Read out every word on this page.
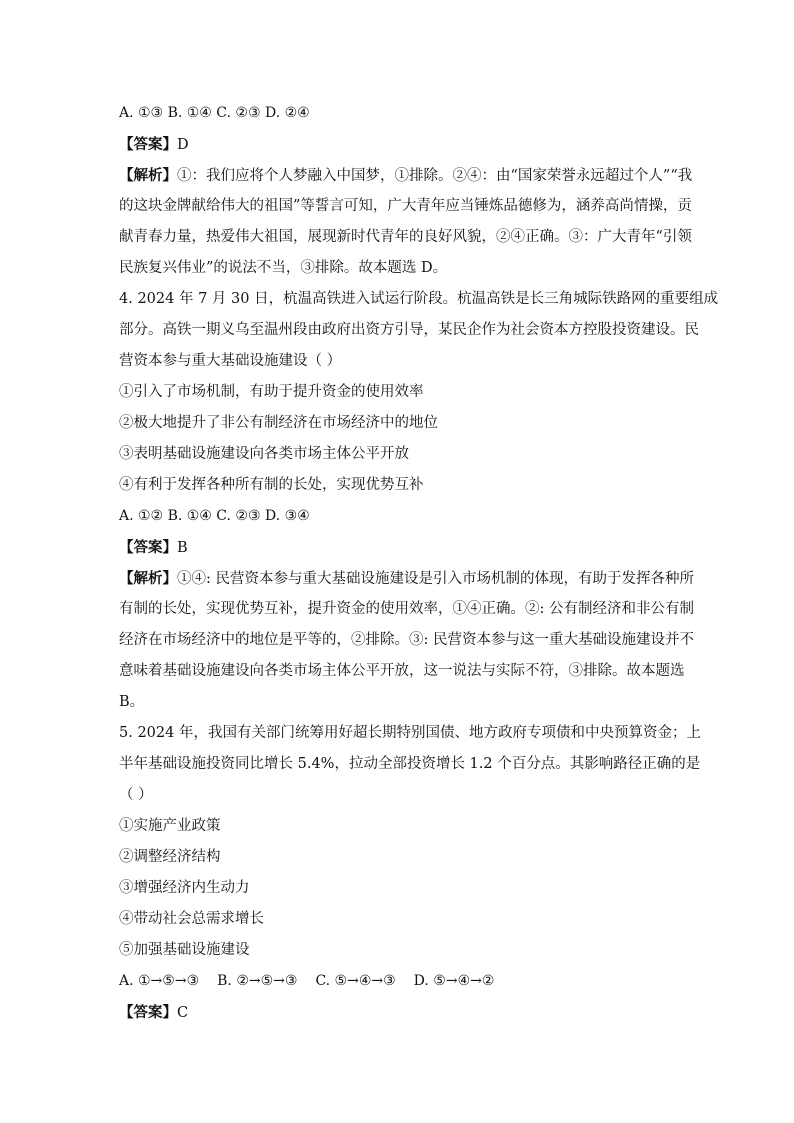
A. ①③ B. ①④ C. ②③ D. ②④
【答案】D
【解析】①：我们应将个人梦融入中国梦，①排除。②④：由“国家荣誉永远超过个人”“我
的这块金牌献给伟大的祖国”等誓言可知，广大青年应当锤炼品德修为，涵养高尚情操，贡
献青春力量，热爱伟大祖国，展现新时代青年的良好风貌，②④正确。③：广大青年“引领
民族复兴伟业”的说法不当，③排除。故本题选 D。
4. 2024 年 7 月 30 日，杭温高铁进入试运行阶段。杭温高铁是长三角城际铁路网的重要组成
部分。高铁一期义乌至温州段由政府出资方引导，某民企作为社会资本方控股投资建设。民
营资本参与重大基础设施建设（ ）
①引入了市场机制，有助于提升资金的使用效率
②极大地提升了非公有制经济在市场经济中的地位
③表明基础设施建设向各类市场主体公平开放
④有利于发挥各种所有制的长处，实现优势互补
A. ①② B. ①④ C. ②③ D. ③④
【答案】B
【解析】①④: 民营资本参与重大基础设施建设是引入市场机制的体现，有助于发挥各种所
有制的长处，实现优势互补，提升资金的使用效率，①④正确。②: 公有制经济和非公有制
经济在市场经济中的地位是平等的，②排除。③: 民营资本参与这一重大基础设施建设并不
意味着基础设施建设向各类市场主体公平开放，这一说法与实际不符，③排除。故本题选
B。
5. 2024 年，我国有关部门统筹用好超长期特别国债、地方政府专项债和中央预算资金；上
半年基础设施投资同比增长 5.4%，拉动全部投资增长 1.2 个百分点。其影响路径正确的是
（ ）
①实施产业政策
②调整经济结构
③增强经济内生动力
④带动社会总需求增长
⑤加强基础设施建设
A. ①→⑤→③ B. ②→⑤→③ C. ⑤→④→③ D. ⑤→④→②
【答案】C
